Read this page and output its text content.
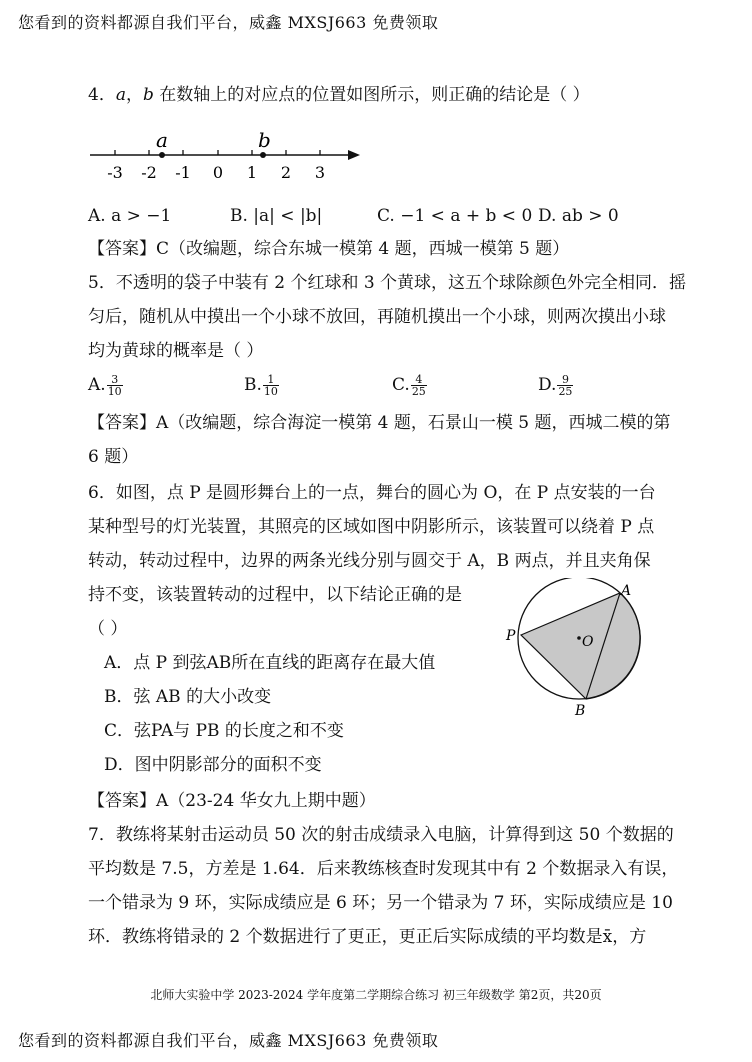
您看到的资料都源自我们平台，威鑫 MXSJ663 免费领取
4．a，b 在数轴上的对应点的位置如图所示，则正确的结论是（ ）
a	b
-3 -2 -1 0 1 2 3
A. a > −1	B. |a| < |b|	C. −1 < a + b < 0 D. ab > 0
【答案】C（改编题，综合东城一模第 4 题，西城一模第 5 题）
5．不透明的袋子中装有 2 个红球和 3 个黄球，这五个球除颜色外完全相同．摇
匀后，随机从中摸出一个小球不放回，再随机摸出一个小球，则两次摸出小球
均为黄球的概率是（ ）
A. $\frac{3}{10}$	B. $\frac{1}{10}$	C. $\frac{4}{25}$	D. $\frac{9}{25}$
【答案】A（改编题，综合海淀一模第 4 题，石景山一模 5 题，西城二模的第
6 题）
6．如图，点 P 是圆形舞台上的一点，舞台的圆心为 O，在 P 点安装的一台
某种型号的灯光装置，其照亮的区域如图中阴影所示，该装置可以绕着 P 点
转动，转动过程中，边界的两条光线分别与圆交于 A，B 两点，并且夹角保
持不变，该装置转动的过程中，以下结论正确的是
（ ）
A．点 P 到弦AB所在直线的距离存在最大值
B．弦 AB 的大小改变
C．弦PA与 PB 的长度之和不变
D．图中阴影部分的面积不变
O
P
A
B
【答案】A（23-24 华女九上期中题）
7．教练将某射击运动员 50 次的射击成绩录入电脑，计算得到这 50 个数据的
平均数是 7.5，方差是 1.64．后来教练核查时发现其中有 2 个数据录入有误，
一个错录为 9 环，实际成绩应是 6 环；另一个错录为 7 环，实际成绩应是 10
环．教练将错录的 2 个数据进行了更正，更正后实际成绩的平均数是x̄，方
北师大实验中学 2023-2024 学年度第二学期综合练习 初三年级数学 第2页，共20页
您看到的资料都源自我们平台，威鑫 MXSJ663 免费领取
